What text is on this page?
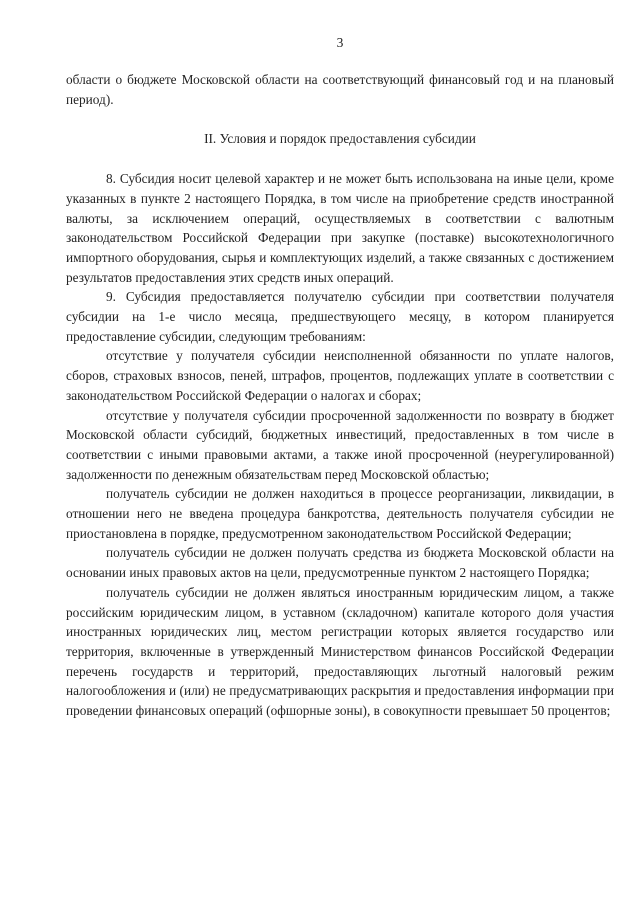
3

области о бюджете Московской области на соответствующий финансовый год и на плановый период).

II. Условия и порядок предоставления субсидии

8. Субсидия носит целевой характер и не может быть использована на иные цели, кроме указанных в пункте 2 настоящего Порядка, в том числе на приобретение средств иностранной валюты, за исключением операций, осуществляемых в соответствии с валютным законодательством Российской Федерации при закупке (поставке) высокотехнологичного импортного оборудования, сырья и комплектующих изделий, а также связанных с достижением результатов предоставления этих средств иных операций.

9. Субсидия предоставляется получателю субсидии при соответствии получателя субсидии на 1-е число месяца, предшествующего месяцу, в котором планируется предоставление субсидии, следующим требованиям:

отсутствие у получателя субсидии неисполненной обязанности по уплате налогов, сборов, страховых взносов, пеней, штрафов, процентов, подлежащих уплате в соответствии с законодательством Российской Федерации о налогах и сборах;

отсутствие у получателя субсидии просроченной задолженности по возврату в бюджет Московской области субсидий, бюджетных инвестиций, предоставленных в том числе в соответствии с иными правовыми актами, а также иной просроченной (неурегулированной) задолженности по денежным обязательствам перед Московской областью;

получатель субсидии не должен находиться в процессе реорганизации, ликвидации, в отношении него не введена процедура банкротства, деятельность получателя субсидии не приостановлена в порядке, предусмотренном законодательством Российской Федерации;

получатель субсидии не должен получать средства из бюджета Московской области на основании иных правовых актов на цели, предусмотренные пунктом 2 настоящего Порядка;

получатель субсидии не должен являться иностранным юридическим лицом, а также российским юридическим лицом, в уставном (складочном) капитале которого доля участия иностранных юридических лиц, местом регистрации которых является государство или территория, включенные в утвержденный Министерством финансов Российской Федерации перечень государств и территорий, предоставляющих льготный налоговый режим налогообложения и (или) не предусматривающих раскрытия и предоставления информации при проведении финансовых операций (офшорные зоны), в совокупности превышает 50 процентов;
